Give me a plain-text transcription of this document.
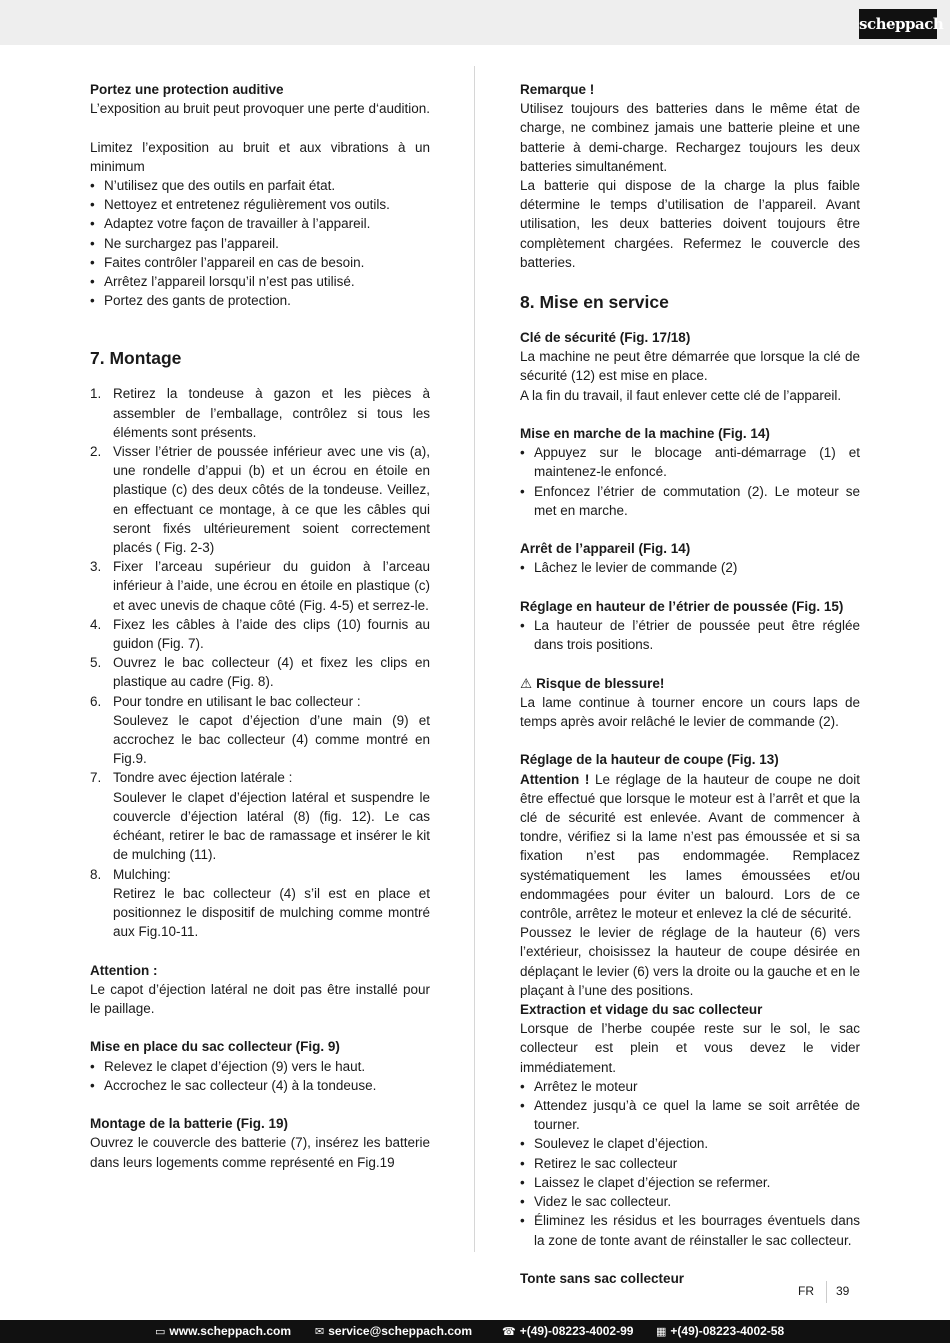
scheppach

Portez une protection auditive

L’exposition au bruit peut provoquer une perte d‘audition.

Limitez l’exposition au bruit et aux vibrations à un minimum

• N’utilisez que des outils en parfait état.
• Nettoyez et entretenez régulièrement vos outils.
• Adaptez votre façon de travailler à l’appareil.
• Ne surchargez pas l’appareil.
• Faites contrôler l’appareil en cas de besoin.
• Arrêtez l’appareil lorsqu’il n’est pas utilisé.
• Portez des gants de protection.

7. Montage

1. Retirez la tondeuse à gazon et les pièces à assembler de l’emballage, contrôlez si tous les éléments sont présents.
2. Visser l’étrier de poussée inférieur avec une vis (a), une rondelle d’appui (b) et un écrou en étoile en plastique (c) des deux côtés de la tondeuse. Veillez, en effectuant ce montage, à ce que les câbles qui seront fixés ultérieurement soient correctement placés ( Fig. 2-3)
3. Fixer l’arceau supérieur du guidon à l’arceau inférieur à l’aide, une écrou en étoile en plastique (c) et avec unevis de chaque côté (Fig. 4-5) et serrez-le.
4. Fixez les câbles à l’aide des clips (10) fournis au guidon (Fig. 7).
5. Ouvrez le bac collecteur (4) et fixez les clips en plastique au cadre (Fig. 8).
6. Pour tondre en utilisant le bac collecteur :
Soulevez le capot d’éjection d’une main (9) et accrochez le bac collecteur (4) comme montré en Fig.9.
7. Tondre avec éjection latérale :
Soulever le clapet d’éjection latéral et suspendre le couvercle d’éjection latéral (8) (fig. 12). Le cas échéant, retirer le bac de ramassage et insérer le kit de mulching (11).
8. Mulching:
Retirez le bac collecteur (4) s’il est en place et positionnez le dispositif de mulching comme montré aux Fig.10-11.

Attention :

Le capot d’éjection latéral ne doit pas être installé pour le paillage.

Mise en place du sac collecteur (Fig. 9)

• Relevez le clapet d’éjection (9) vers le haut.
• Accrochez le sac collecteur (4) à la tondeuse.

Montage de la batterie (Fig. 19)

Ouvrez le couvercle des batterie (7), insérez les batterie dans leurs logements comme représenté en Fig.19

Remarque !

Utilisez toujours des batteries dans le même état de charge, ne combinez jamais une batterie pleine et une batterie à demi-charge. Rechargez toujours les deux batteries simultanément.

La batterie qui dispose de la charge la plus faible détermine le temps d’utilisation de l’appareil. Avant utilisation, les deux batteries doivent toujours être complètement chargées. Refermez le couvercle des batteries.

8. Mise en service

Clé de sécurité (Fig. 17/18)

La machine ne peut être démarrée que lorsque la clé de sécurité (12) est mise en place.

A la fin du travail, il faut enlever cette clé de l’appareil.

Mise en marche de la machine (Fig. 14)

• Appuyez sur le blocage anti-démarrage (1) et maintenez-le enfoncé.
• Enfoncez l’étrier de commutation (2). Le moteur se met en marche.

Arrêt de l’appareil (Fig. 14)

• Lâchez le levier de commande (2)

Réglage en hauteur de l’étrier de poussée (Fig. 15)

• La hauteur de l’étrier de poussée peut être réglée dans trois positions.

⚠ Risque de blessure!

La lame continue à tourner encore un cours laps de temps après avoir relâché le levier de commande (2).

Réglage de la hauteur de coupe (Fig. 13)

Attention ! Le réglage de la hauteur de coupe ne doit être effectué que lorsque le moteur est à l’arrêt et que la clé de sécurité est enlevée. Avant de commencer à tondre, vérifiez si la lame n’est pas émoussée et si sa fixation n’est pas endommagée. Remplacez systématiquement les lames émoussées et/ou endommagées pour éviter un balourd. Lors de ce contrôle, arrêtez le moteur et enlevez la clé de sécurité.

Poussez le levier de réglage de la hauteur (6) vers l’extérieur, choisissez la hauteur de coupe désirée en déplaçant le levier (6) vers la droite ou la gauche et en le plaçant à l’une des positions.

Extraction et vidage du sac collecteur

Lorsque de l’herbe coupée reste sur le sol, le sac collecteur est plein et vous devez le vider immédiatement.

• Arrêtez le moteur
• Attendez jusqu’à ce quel la lame se soit arrêtée de tourner.
• Soulevez le clapet d’éjection.
• Retirez le sac collecteur
• Laissez le clapet d’éjection se refermer.
• Videz le sac collecteur.
• Éliminez les résidus et les bourrages éventuels dans la zone de tonte avant de réinstaller le sac collecteur.

Tonte sans sac collecteur

FR 39
▭ www.scheppach.com ✉ service@scheppach.com	☎ +(49)-08223-4002-99 ▦ +(49)-08223-4002-58
